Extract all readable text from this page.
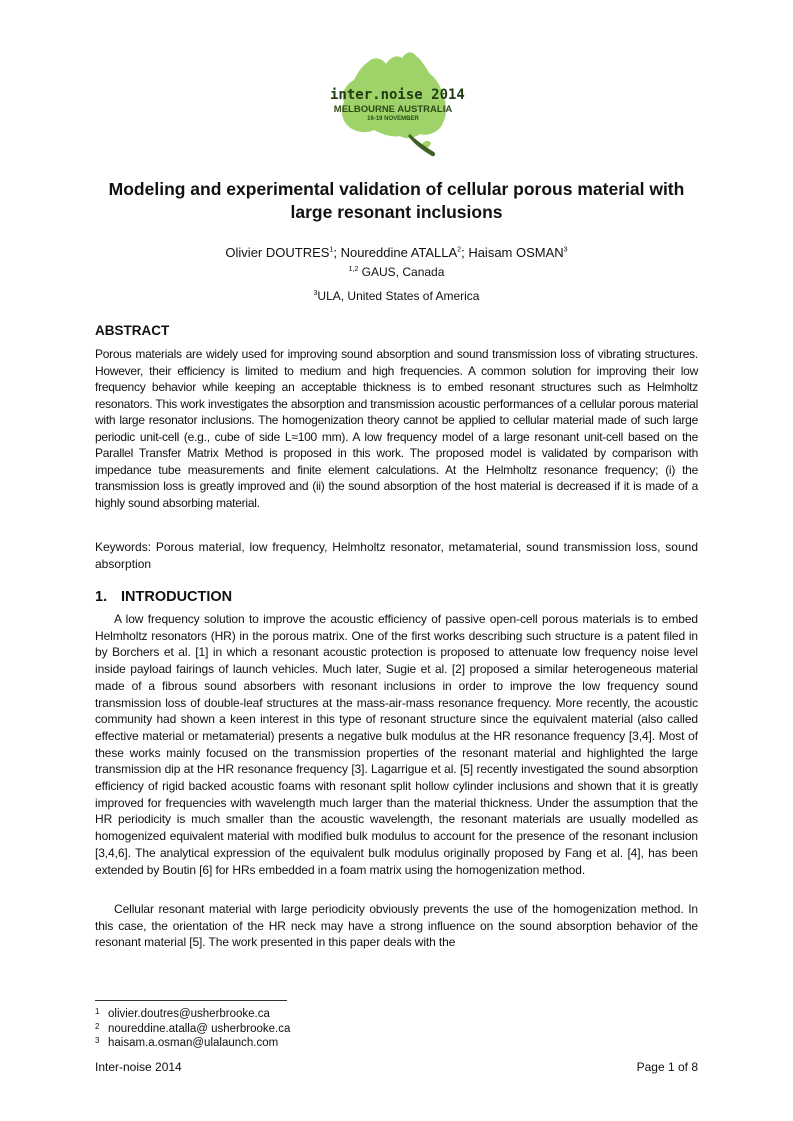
inter.noise 2014
MELBOURNE AUSTRALIA
16-19 NOVEMBER
Modeling and experimental validation of cellular porous material with large resonant inclusions
Olivier DOUTRES$^1$; Noureddine ATALLA$^2$; Haisam OSMAN$^3$
$^{1,2}$ GAUS, Canada
$^3$ULA, United States of America
ABSTRACT

Porous materials are widely used for improving sound absorption and sound transmission loss of vibrating structures. However, their efficiency is limited to medium and high frequencies. A common solution for improving their low frequency behavior while keeping an acceptable thickness is to embed resonant structures such as Helmholtz resonators. This work investigates the absorption and transmission acoustic performances of a cellular porous material with large resonator inclusions. The homogenization theory cannot be applied to cellular material made of such large periodic unit-cell (e.g., cube of side L≈100 mm). A low frequency model of a large resonant unit-cell based on the Parallel Transfer Matrix Method is proposed in this work. The proposed model is validated by comparison with impedance tube measurements and finite element calculations. At the Helmholtz resonance frequency; (i) the transmission loss is greatly improved and (ii) the sound absorption of the host material is decreased if it is made of a highly sound absorbing material.

Keywords: Porous material, low frequency, Helmholtz resonator, metamaterial, sound transmission loss, sound absorption

1. INTRODUCTION

A low frequency solution to improve the acoustic efficiency of passive open-cell porous materials is to embed Helmholtz resonators (HR) in the porous matrix. One of the first works describing such structure is a patent filed in by Borchers et al. [1] in which a resonant acoustic protection is proposed to attenuate low frequency noise level inside payload fairings of launch vehicles. Much later, Sugie et al. [2] proposed a similar heterogeneous material made of a fibrous sound absorbers with resonant inclusions in order to improve the low frequency sound transmission loss of double-leaf structures at the mass-air-mass resonance frequency. More recently, the acoustic community had shown a keen interest in this type of resonant structure since the equivalent material (also called effective material or metamaterial) presents a negative bulk modulus at the HR resonance frequency [3,4]. Most of these works mainly focused on the transmission properties of the resonant material and highlighted the large transmission dip at the HR resonance frequency [3]. Lagarrigue et al. [5] recently investigated the sound absorption efficiency of rigid backed acoustic foams with resonant split hollow cylinder inclusions and shown that it is greatly improved for frequencies with wavelength much larger than the material thickness. Under the assumption that the HR periodicity is much smaller than the acoustic wavelength, the resonant materials are usually modelled as homogenized equivalent material with modified bulk modulus to account for the presence of the resonant inclusion [3,4,6]. The analytical expression of the equivalent bulk modulus originally proposed by Fang et al. [4], has been extended by Boutin [6] for HRs embedded in a foam matrix using the homogenization method.

Cellular resonant material with large periodicity obviously prevents the use of the homogenization method. In this case, the orientation of the HR neck may have a strong influence on the sound absorption behavior of the resonant material [5]. The work presented in this paper deals with the

1 olivier.doutres@usherbrooke.ca
2 noureddine.atalla@ usherbrooke.ca
3 haisam.a.osman@ulalaunch.com
Inter-noise 2014	Page 1 of 8
